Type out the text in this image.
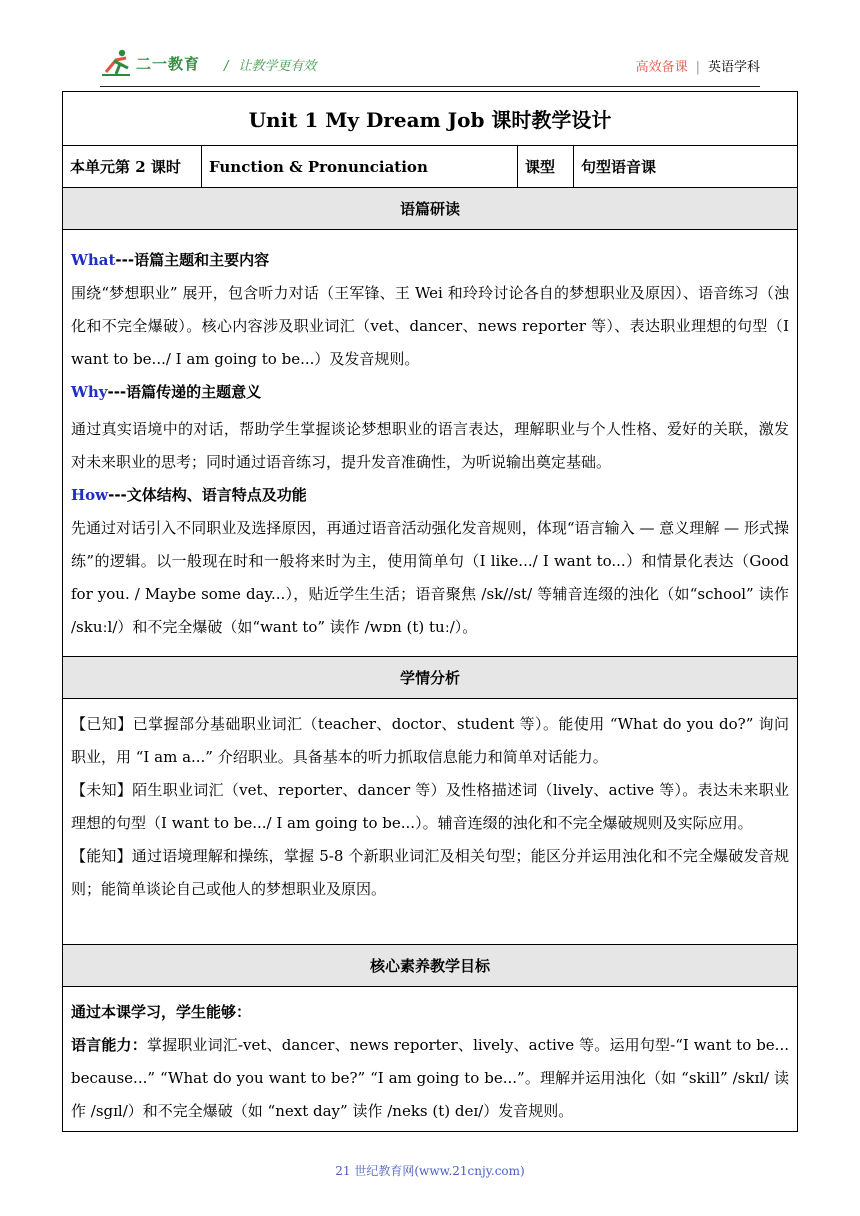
二一教育 / 让教学更有效	高效备课 | 英语学科
Unit 1 My Dream Job 课时教学设计
本单元第 2 课时	Function & Pronunciation	课型	句型语音课
语篇研读

What---语篇主题和主要内容

围绕“梦想职业” 展开，包含听力对话（王军锋、王 Wei 和玲玲讨论各自的梦想职业及原因）、语音练习（浊化和不完全爆破）。核心内容涉及职业词汇（vet、dancer、news reporter 等）、表达职业理想的句型（I want to be.../ I am going to be...）及发音规则。

Why---语篇传递的主题意义

通过真实语境中的对话，帮助学生掌握谈论梦想职业的语言表达，理解职业与个人性格、爱好的关联，激发对未来职业的思考；同时通过语音练习，提升发音准确性，为听说输出奠定基础。

How---文体结构、语言特点及功能

先通过对话引入不同职业及选择原因，再通过语音活动强化发音规则，体现“语言输入 — 意义理解 — 形式操练”的逻辑。以一般现在时和一般将来时为主，使用简单句（I like.../ I want to...）和情景化表达（Good for you. / Maybe some day...），贴近学生生活；语音聚焦 /sk//st/ 等辅音连缀的浊化（如“school” 读作 /skuːl/）和不完全爆破（如“want to” 读作 /wɒn (t) tuː/）。

学情分析

【已知】已掌握部分基础职业词汇（teacher、doctor、student 等）。能使用 “What do you do?” 询问职业，用 “I am a...” 介绍职业。具备基本的听力抓取信息能力和简单对话能力。

【未知】陌生职业词汇（vet、reporter、dancer 等）及性格描述词（lively、active 等）。表达未来职业理想的句型（I want to be.../ I am going to be...）。辅音连缀的浊化和不完全爆破规则及实际应用。

【能知】通过语境理解和操练，掌握 5-8 个新职业词汇及相关句型；能区分并运用浊化和不完全爆破发音规则；能简单谈论自己或他人的梦想职业及原因。

核心素养教学目标

通过本课学习，学生能够：

语言能力：掌握职业词汇-vet、dancer、news reporter、lively、active 等。运用句型-“I want to be... because...” “What do you want to be?” “I am going to be...”。理解并运用浊化（如 “skill” /skɪl/ 读作 /sgɪl/）和不完全爆破（如 “next day” 读作 /neks (t) deɪ/）发音规则。

21 世纪教育网(www.21cnjy.com)
